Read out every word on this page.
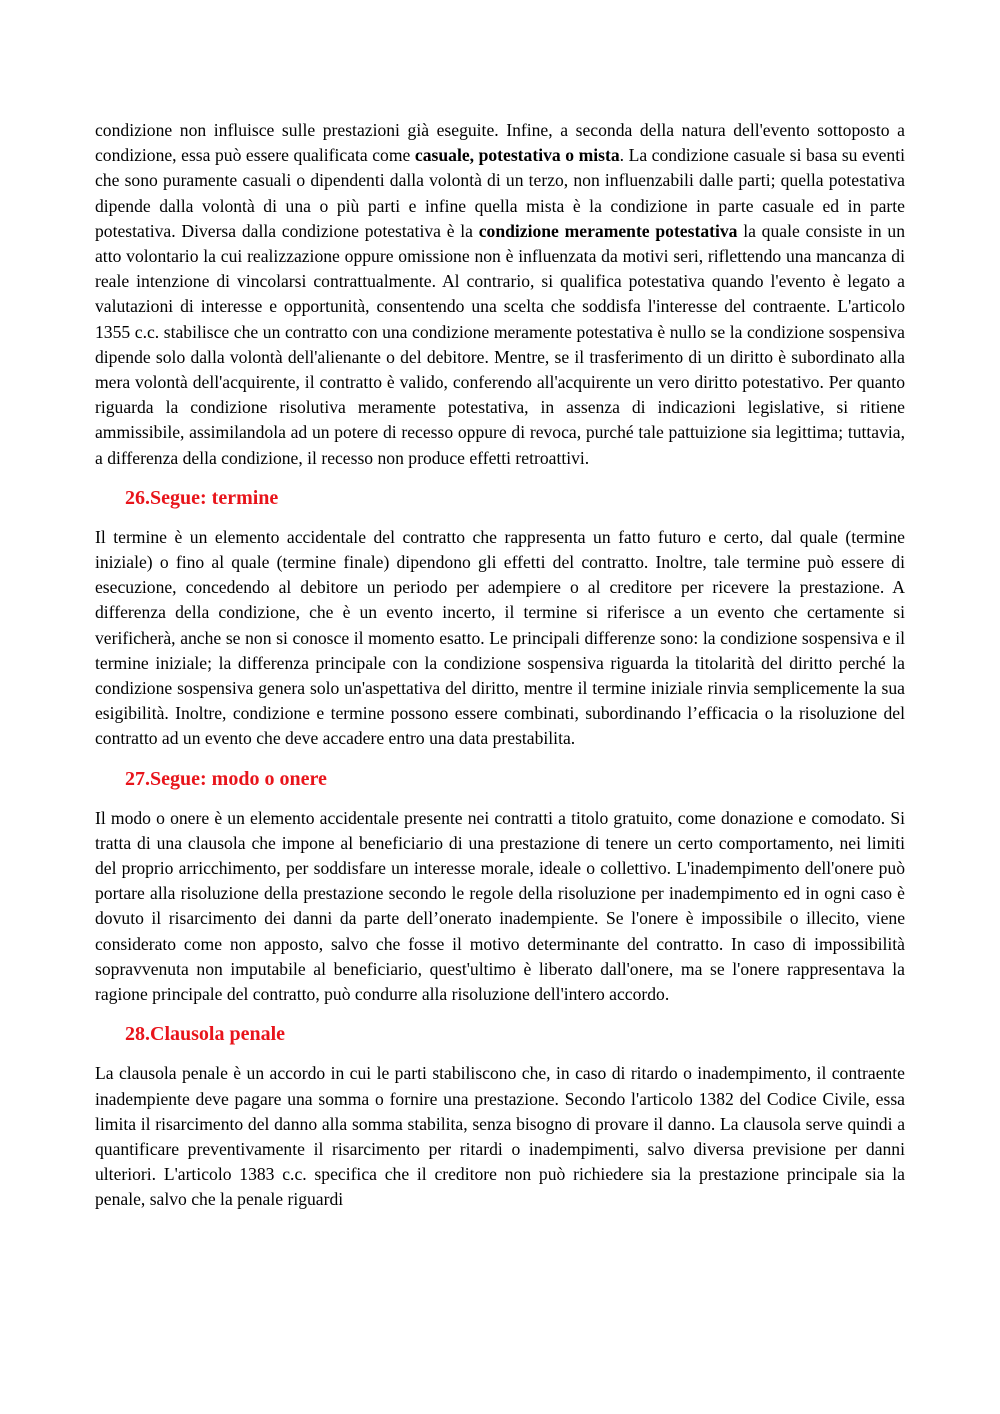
condizione non influisce sulle prestazioni già eseguite. Infine, a seconda della natura dell'evento sottoposto a condizione, essa può essere qualificata come casuale, potestativa o mista. La condizione casuale si basa su eventi che sono puramente casuali o dipendenti dalla volontà di un terzo, non influenzabili dalle parti; quella potestativa dipende dalla volontà di una o più parti e infine quella mista è la condizione in parte casuale ed in parte potestativa. Diversa dalla condizione potestativa è la condizione meramente potestativa la quale consiste in un atto volontario la cui realizzazione oppure omissione non è influenzata da motivi seri, riflettendo una mancanza di reale intenzione di vincolarsi contrattualmente. Al contrario, si qualifica potestativa quando l'evento è legato a valutazioni di interesse e opportunità, consentendo una scelta che soddisfa l'interesse del contraente. L'articolo 1355 c.c. stabilisce che un contratto con una condizione meramente potestativa è nullo se la condizione sospensiva dipende solo dalla volontà dell'alienante o del debitore. Mentre, se il trasferimento di un diritto è subordinato alla mera volontà dell'acquirente, il contratto è valido, conferendo all'acquirente un vero diritto potestativo. Per quanto riguarda la condizione risolutiva meramente potestativa, in assenza di indicazioni legislative, si ritiene ammissibile, assimilandola ad un potere di recesso oppure di revoca, purché tale pattuizione sia legittima; tuttavia, a differenza della condizione, il recesso non produce effetti retroattivi.

26.Segue: termine

Il termine è un elemento accidentale del contratto che rappresenta un fatto futuro e certo, dal quale (termine iniziale) o fino al quale (termine finale) dipendono gli effetti del contratto. Inoltre, tale termine può essere di esecuzione, concedendo al debitore un periodo per adempiere o al creditore per ricevere la prestazione. A differenza della condizione, che è un evento incerto, il termine si riferisce a un evento che certamente si verificherà, anche se non si conosce il momento esatto. Le principali differenze sono: la condizione sospensiva e il termine iniziale; la differenza principale con la condizione sospensiva riguarda la titolarità del diritto perché la condizione sospensiva genera solo un'aspettativa del diritto, mentre il termine iniziale rinvia semplicemente la sua esigibilità. Inoltre, condizione e termine possono essere combinati, subordinando l’efficacia o la risoluzione del contratto ad un evento che deve accadere entro una data prestabilita.

27.Segue: modo o onere

Il modo o onere è un elemento accidentale presente nei contratti a titolo gratuito, come donazione e comodato. Si tratta di una clausola che impone al beneficiario di una prestazione di tenere un certo comportamento, nei limiti del proprio arricchimento, per soddisfare un interesse morale, ideale o collettivo. L'inadempimento dell'onere può portare alla risoluzione della prestazione secondo le regole della risoluzione per inadempimento ed in ogni caso è dovuto il risarcimento dei danni da parte dell’onerato inadempiente. Se l'onere è impossibile o illecito, viene considerato come non apposto, salvo che fosse il motivo determinante del contratto. In caso di impossibilità sopravvenuta non imputabile al beneficiario, quest'ultimo è liberato dall'onere, ma se l'onere rappresentava la ragione principale del contratto, può condurre alla risoluzione dell'intero accordo.

28.Clausola penale

La clausola penale è un accordo in cui le parti stabiliscono che, in caso di ritardo o inadempimento, il contraente inadempiente deve pagare una somma o fornire una prestazione. Secondo l'articolo 1382 del Codice Civile, essa limita il risarcimento del danno alla somma stabilita, senza bisogno di provare il danno. La clausola serve quindi a quantificare preventivamente il risarcimento per ritardi o inadempimenti, salvo diversa previsione per danni ulteriori. L'articolo 1383 c.c. specifica che il creditore non può richiedere sia la prestazione principale sia la penale, salvo che la penale riguardi
